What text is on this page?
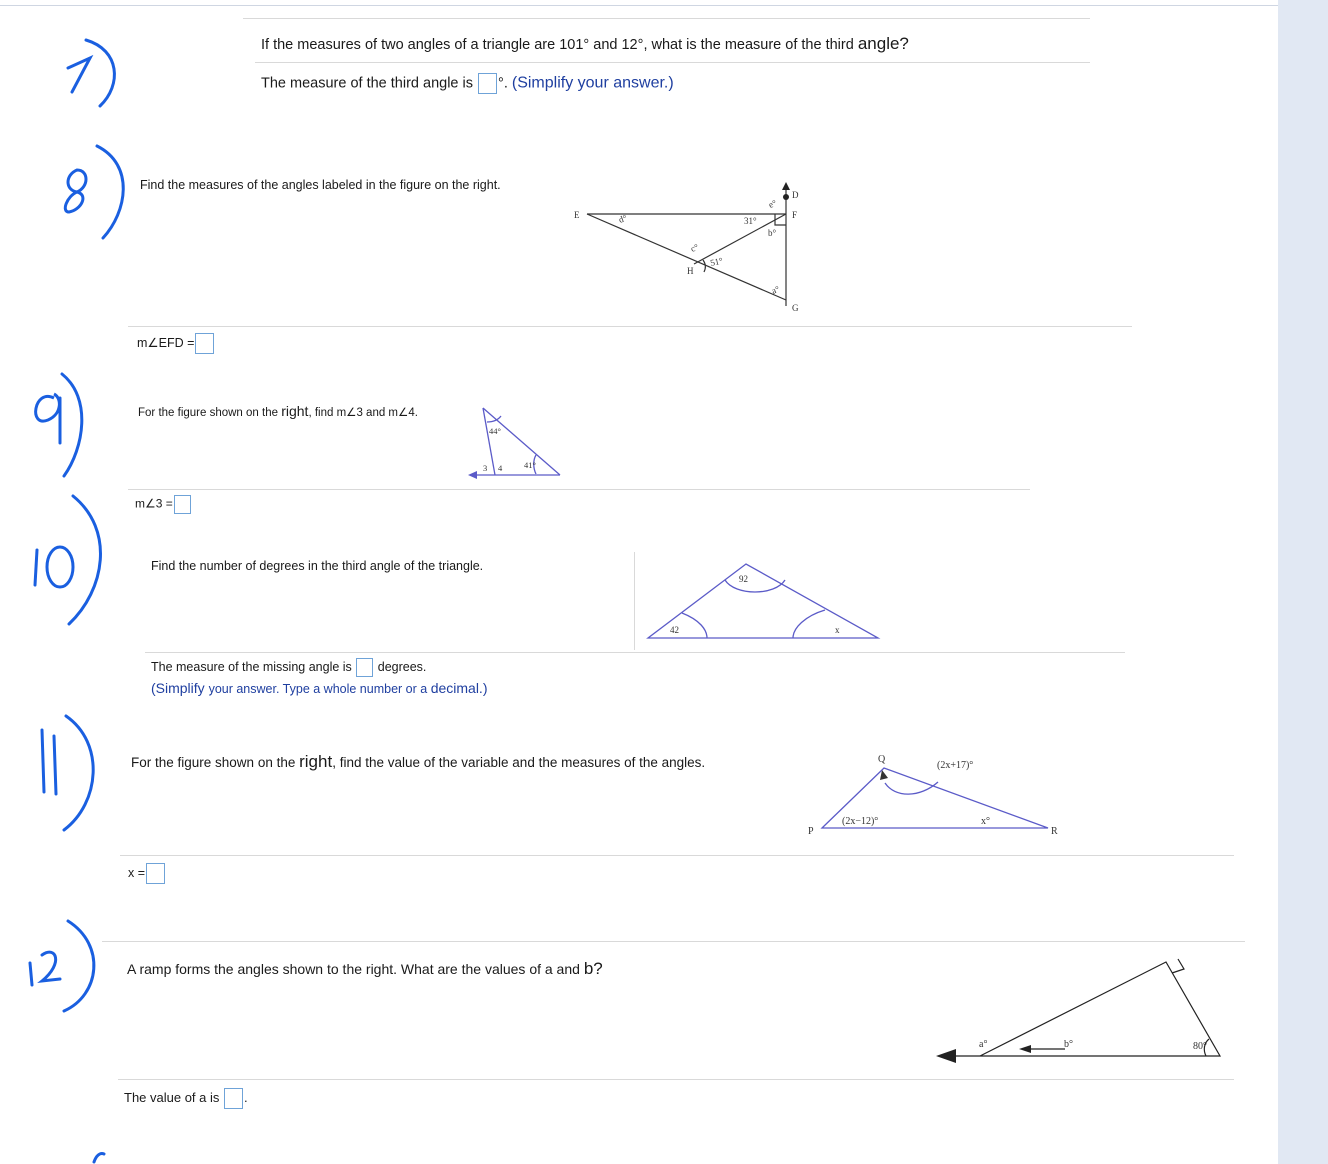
If the measures of two angles of a triangle are 101° and 12°, what is the measure of the third angle?
The measure of the third angle is °. (Simplify your answer.)
Find the measures of the angles labeled in the figure on the right.
E
D
F
H
G
d°	31°
e°
b°
c°
51°
a°
m∠EFD =
For the figure shown on the right, find m∠3 and m∠4.
44°
3 4	41°
m∠3 =
Find the number of degrees in the third angle of the triangle.
92
42	x
The measure of the missing angle is  degrees.
(Simplify your answer. Type a whole number or a decimal.)
For the figure shown on the right, find the value of the variable and the measures of the angles.	Q
P	R
(2x+17)°
(2x−12)°	x°
x =
A ramp forms the angles shown to the right. What are the values of a and b?
a°	b°	80°
The value of a is .
